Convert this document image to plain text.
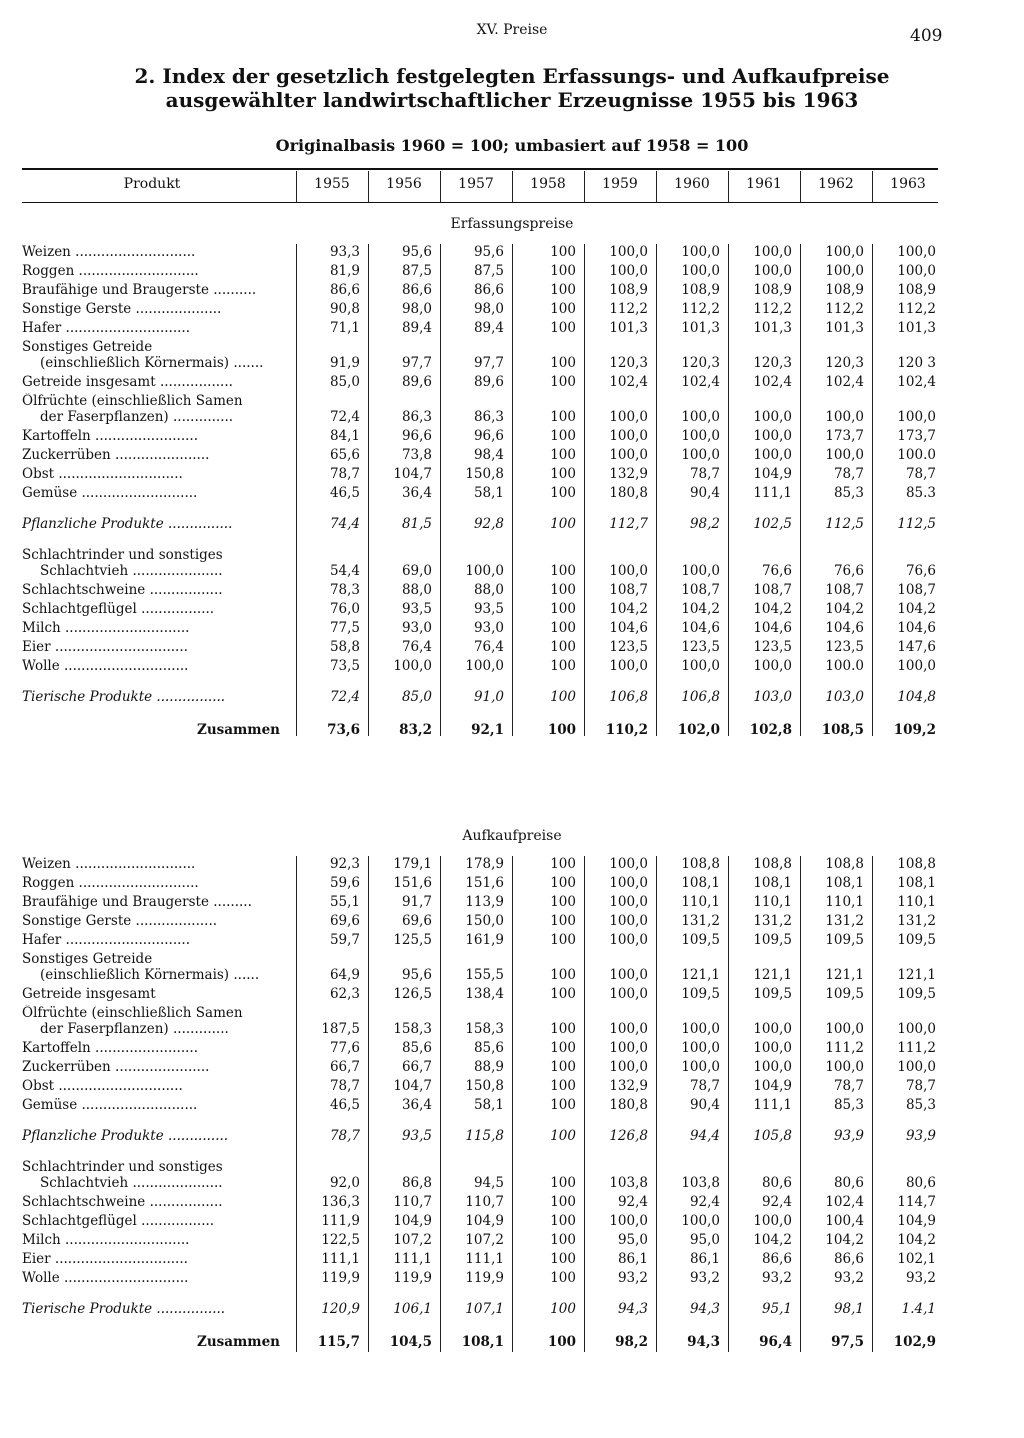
XV. Preise	409
2. Index der gesetzlich festgelegten Erfassungs- und Aufkaufpreise
ausgewählter landwirtschaftlicher Erzeugnisse 1955 bis 1963
Originalbasis 1960 = 100; umbasiert auf 1958 = 100
Produkt	1955	1956	1957	1958	1959	1960	1961	1962	1963
Erfassungspreise
Weizen ............................	93,3	95,6	95,6	100	100,0	100,0	100,0	100,0	100,0
Roggen ............................	81,9	87,5	87,5	100	100,0	100,0	100,0	100,0	100,0
Braufähige und Braugerste ..........	86,6	86,6	86,6	100	108,9	108,9	108,9	108,9	108,9
Sonstige Gerste ....................	90,8	98,0	98,0	100	112,2	112,2	112,2	112,2	112,2
Hafer .............................	71,1	89,4	89,4	100	101,3	101,3	101,3	101,3	101,3
Sonstiges Getreide
(einschließlich Körnermais) .......	91,9	97,7	97,7	100	120,3	120,3	120,3	120,3	120 3
Getreide insgesamt .................	85,0	89,6	89,6	100	102,4	102,4	102,4	102,4	102,4
Ölfrüchte (einschließlich Samen
der Faserpflanzen) ..............	72,4	86,3	86,3	100	100,0	100,0	100,0	100,0	100,0
Kartoffeln ........................	84,1	96,6	96,6	100	100,0	100,0	100,0	173,7	173,7
Zuckerrüben ......................	65,6	73,8	98,4	100	100,0	100,0	100,0	100,0	100.0
Obst .............................	78,7	104,7	150,8	100	132,9	78,7	104,9	78,7	78,7
Gemüse ...........................	46,5	36,4	58,1	100	180,8	90,4	111,1	85,3	85.3
Pflanzliche Produkte ...............	74,4	81,5	92,8	100	112,7	98,2	102,5	112,5	112,5
Schlachtrinder und sonstiges
Schlachtvieh .....................	54,4	69,0	100,0	100	100,0	100,0	76,6	76,6	76,6
Schlachtschweine .................	78,3	88,0	88,0	100	108,7	108,7	108,7	108,7	108,7
Schlachtgeflügel .................	76,0	93,5	93,5	100	104,2	104,2	104,2	104,2	104,2
Milch .............................	77,5	93,0	93,0	100	104,6	104,6	104,6	104,6	104,6
Eier ...............................	58,8	76,4	76,4	100	123,5	123,5	123,5	123,5	147,6
Wolle .............................	73,5	100,0	100,0	100	100,0	100,0	100,0	100.0	100,0
Tierische Produkte ................	72,4	85,0	91,0	100	106,8	106,8	103,0	103,0	104,8
Zusammen	73,6	83,2	92,1	100	110,2	102,0	102,8	108,5	109,2
Aufkaufpreise
Weizen ............................	92,3	179,1	178,9	100	100,0	108,8	108,8	108,8	108,8
Roggen ............................	59,6	151,6	151,6	100	100,0	108,1	108,1	108,1	108,1
Braufähige und Braugerste .........	55,1	91,7	113,9	100	100,0	110,1	110,1	110,1	110,1
Sonstige Gerste ...................	69,6	69,6	150,0	100	100,0	131,2	131,2	131,2	131,2
Hafer .............................	59,7	125,5	161,9	100	100,0	109,5	109,5	109,5	109,5
Sonstiges Getreide
(einschließlich Körnermais) ......	64,9	95,6	155,5	100	100,0	121,1	121,1	121,1	121,1
Getreide insgesamt	62,3	126,5	138,4	100	100,0	109,5	109,5	109,5	109,5
Ölfrüchte (einschließlich Samen
der Faserpflanzen) .............	187,5	158,3	158,3	100	100,0	100,0	100,0	100,0	100,0
Kartoffeln ........................	77,6	85,6	85,6	100	100,0	100,0	100,0	111,2	111,2
Zuckerrüben ......................	66,7	66,7	88,9	100	100,0	100,0	100,0	100,0	100,0
Obst .............................	78,7	104,7	150,8	100	132,9	78,7	104,9	78,7	78,7
Gemüse ...........................	46,5	36,4	58,1	100	180,8	90,4	111,1	85,3	85,3
Pflanzliche Produkte ..............	78,7	93,5	115,8	100	126,8	94,4	105,8	93,9	93,9
Schlachtrinder und sonstiges
Schlachtvieh .....................	92,0	86,8	94,5	100	103,8	103,8	80,6	80,6	80,6
Schlachtschweine .................	136,3	110,7	110,7	100	92,4	92,4	92,4	102,4	114,7
Schlachtgeflügel .................	111,9	104,9	104,9	100	100,0	100,0	100,0	100,4	104,9
Milch .............................	122,5	107,2	107,2	100	95,0	95,0	104,2	104,2	104,2
Eier ...............................	111,1	111,1	111,1	100	86,1	86,1	86,6	86,6	102,1
Wolle .............................	119,9	119,9	119,9	100	93,2	93,2	93,2	93,2	93,2
Tierische Produkte ................	120,9	106,1	107,1	100	94,3	94,3	95,1	98,1	1.4,1
Zusammen	115,7	104,5	108,1	100	98,2	94,3	96,4	97,5	102,9
